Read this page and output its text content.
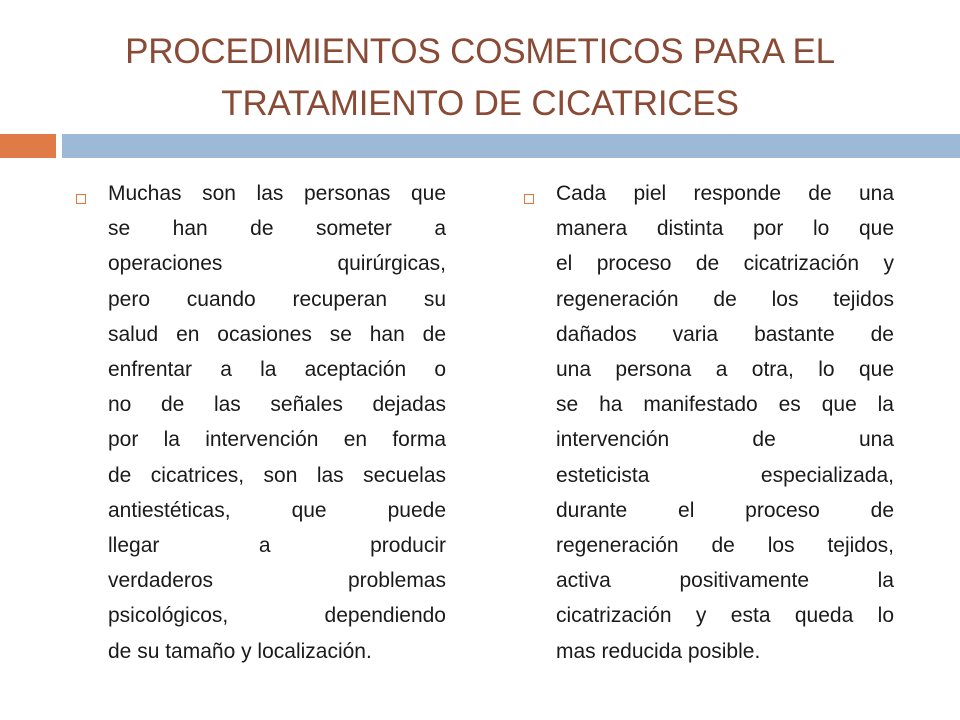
PROCEDIMIENTOS COSMETICOS PARA EL
TRATAMIENTO DE CICATRICES

Muchas son las personas que
se han de someter a
operaciones quirúrgicas,
pero cuando recuperan su
salud en ocasiones se han de
enfrentar a la aceptación o
no de las señales dejadas
por la intervención en forma
de cicatrices, son las secuelas
antiestéticas, que puede
llegar a producir
verdaderos problemas
psicológicos, dependiendo
de su tamaño y localización.

Cada piel responde de una
manera distinta por lo que
el proceso de cicatrización y
regeneración de los tejidos
dañados varia bastante de
una persona a otra, lo que
se ha manifestado es que la
intervención de una
esteticista especializada,
durante el proceso de
regeneración de los tejidos,
activa positivamente la
cicatrización y esta queda lo
mas reducida posible.
